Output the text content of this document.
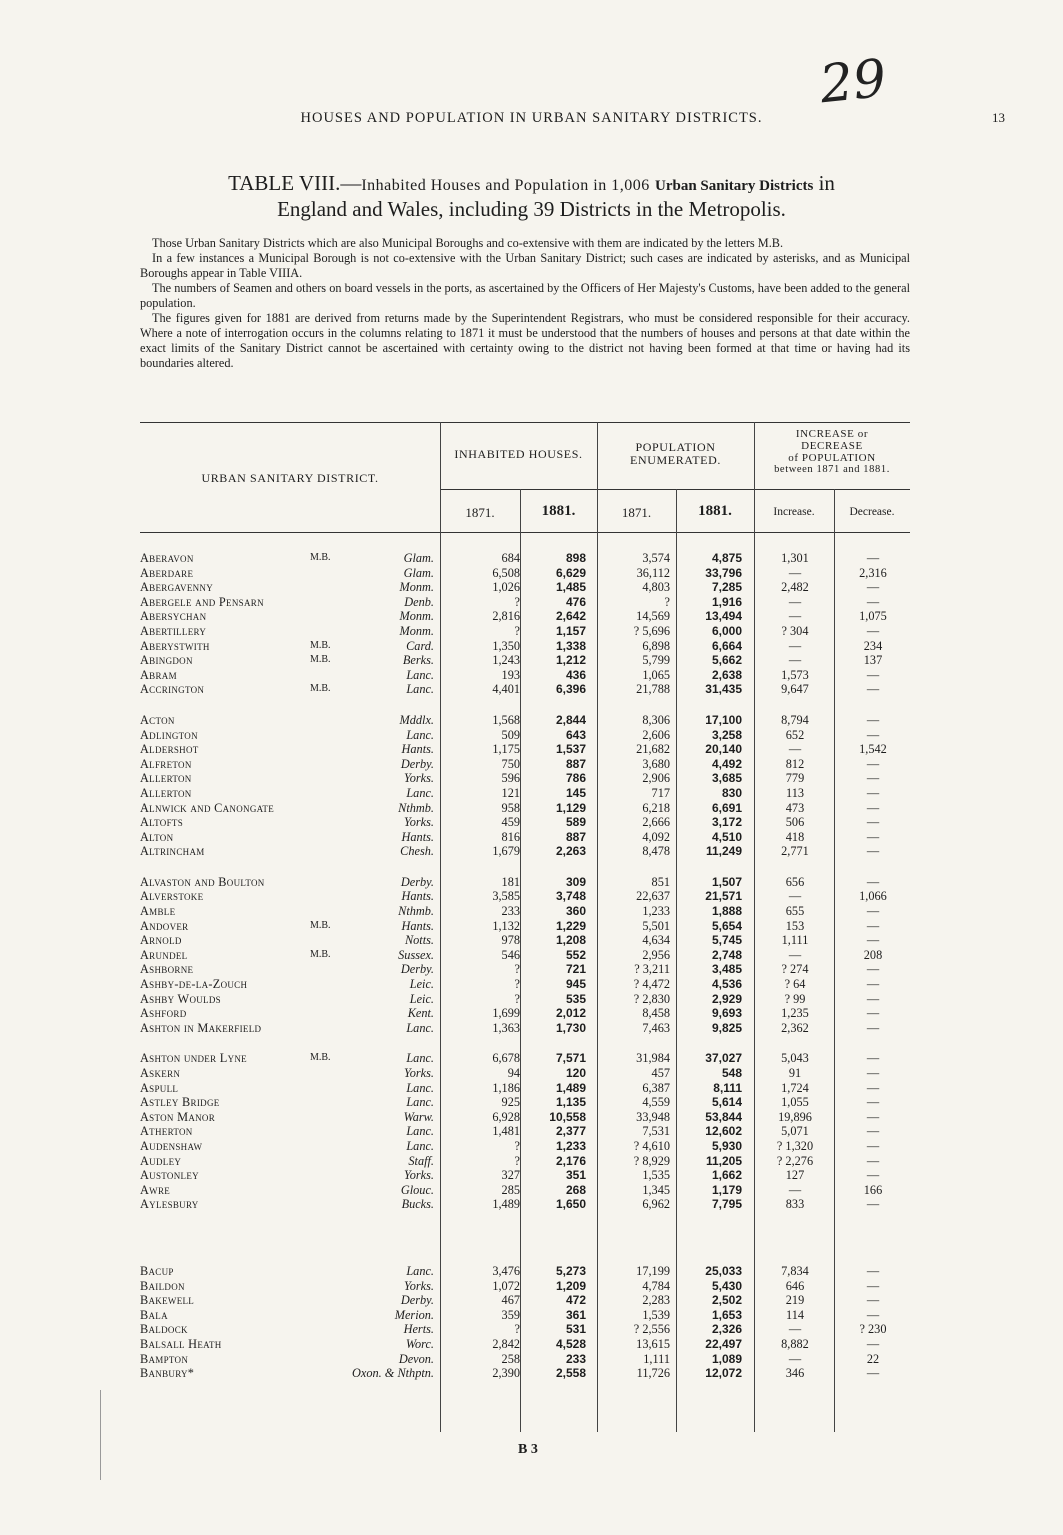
29
HOUSES AND POPULATION IN URBAN SANITARY DISTRICTS.	13
TABLE VIII.—Inhabited Houses and Population in 1,006 Urban Sanitary Districts in
England and Wales, including 39 Districts in the Metropolis.

Those Urban Sanitary Districts which are also Municipal Boroughs and co-extensive with them are indicated by the letters M.B.

In a few instances a Municipal Borough is not co-extensive with the Urban Sanitary District; such cases are indicated by asterisks, and as Municipal Boroughs appear in Table VIIIA.

The numbers of Seamen and others on board vessels in the ports, as ascertained by the Officers of Her Majesty's Customs, have been added to the general population.

The figures given for 1881 are derived from returns made by the Superintendent Registrars, who must be considered responsible for their accuracy. Where a note of interrogation occurs in the columns relating to 1871 it must be understood that the numbers of houses and persons at that date within the exact limits of the Sanitary District cannot be ascertained with certainty owing to the district not having been formed at that time or having had its boundaries altered.

URBAN SANITARY DISTRICT.
INHABITED HOUSES.	POPULATION
ENUMERATED.
INCREASE or
DECREASE
of POPULATION
between 1871 and 1881.
1871.	1881.	1871.	1881.	Increase.	Decrease.
Aberavon	M.B.	Glam.	684	898	3,574	4,875	1,301	—
Aberdare	Glam.	6,508	6,629	36,112	33,796	—	2,316
Abergavenny	Monm.	1,026	1,485	4,803	7,285	2,482	—
Abergele and Pensarn	Denb.	?	476	?	1,916	—	—
Abersychan	Monm.	2,816	2,642	14,569	13,494	—	1,075
Abertillery	Monm.	?	1,157	? 5,696	6,000	? 304	—
Aberystwith	M.B.	Card.	1,350	1,338	6,898	6,664	—	234
Abingdon	M.B.	Berks.	1,243	1,212	5,799	5,662	—	137
Abram	Lanc.	193	436	1,065	2,638	1,573	—
Accrington	M.B.	Lanc.	4,401	6,396	21,788	31,435	9,647	—
Acton	Mddlx.	1,568	2,844	8,306	17,100	8,794	—
Adlington	Lanc.	509	643	2,606	3,258	652	—
Aldershot	Hants.	1,175	1,537	21,682	20,140	—	1,542
Alfreton	Derby.	750	887	3,680	4,492	812	—
Allerton	Yorks.	596	786	2,906	3,685	779	—
Allerton	Lanc.	121	145	717	830	113	—
Alnwick and Canongate	Nthmb.	958	1,129	6,218	6,691	473	—
Altofts	Yorks.	459	589	2,666	3,172	506	—
Alton	Hants.	816	887	4,092	4,510	418	—
Altrincham	Chesh.	1,679	2,263	8,478	11,249	2,771	—
Alvaston and Boulton	Derby.	181	309	851	1,507	656	—
Alverstoke	Hants.	3,585	3,748	22,637	21,571	—	1,066
Amble	Nthmb.	233	360	1,233	1,888	655	—
Andover	M.B.	Hants.	1,132	1,229	5,501	5,654	153	—
Arnold	Notts.	978	1,208	4,634	5,745	1,111	—
Arundel	M.B.	Sussex.	546	552	2,956	2,748	—	208
Ashborne	Derby.	?	721	? 3,211	3,485	? 274	—
Ashby-de-la-Zouch	Leic.	?	945	? 4,472	4,536	? 64	—
Ashby Woulds	Leic.	?	535	? 2,830	2,929	? 99	—
Ashford	Kent.	1,699	2,012	8,458	9,693	1,235	—
Ashton in Makerfield	Lanc.	1,363	1,730	7,463	9,825	2,362	—
Ashton under Lyne	M.B.	Lanc.	6,678	7,571	31,984	37,027	5,043	—
Askern	Yorks.	94	120	457	548	91	—
Aspull	Lanc.	1,186	1,489	6,387	8,111	1,724	—
Astley Bridge	Lanc.	925	1,135	4,559	5,614	1,055	—
Aston Manor	Warw.	6,928	10,558	33,948	53,844	19,896	—
Atherton	Lanc.	1,481	2,377	7,531	12,602	5,071	—
Audenshaw	Lanc.	?	1,233	? 4,610	5,930	? 1,320	—
Audley	Staff.	?	2,176	? 8,929	11,205	? 2,276	—
Austonley	Yorks.	327	351	1,535	1,662	127	—
Awre	Glouc.	285	268	1,345	1,179	—	166
Aylesbury	Bucks.	1,489	1,650	6,962	7,795	833	—
Bacup	Lanc.	3,476	5,273	17,199	25,033	7,834	—
Baildon	Yorks.	1,072	1,209	4,784	5,430	646	—
Bakewell	Derby.	467	472	2,283	2,502	219	—
Bala	Merion.	359	361	1,539	1,653	114	—
Baldock	Herts.	?	531	? 2,556	2,326	—	? 230
Balsall Heath	Worc.	2,842	4,528	13,615	22,497	8,882	—
Bampton	Devon.	258	233	1,111	1,089	—	22
Banbury*	Oxon. & Nthptn.	2,390	2,558	11,726	12,072	346	—
B 3
